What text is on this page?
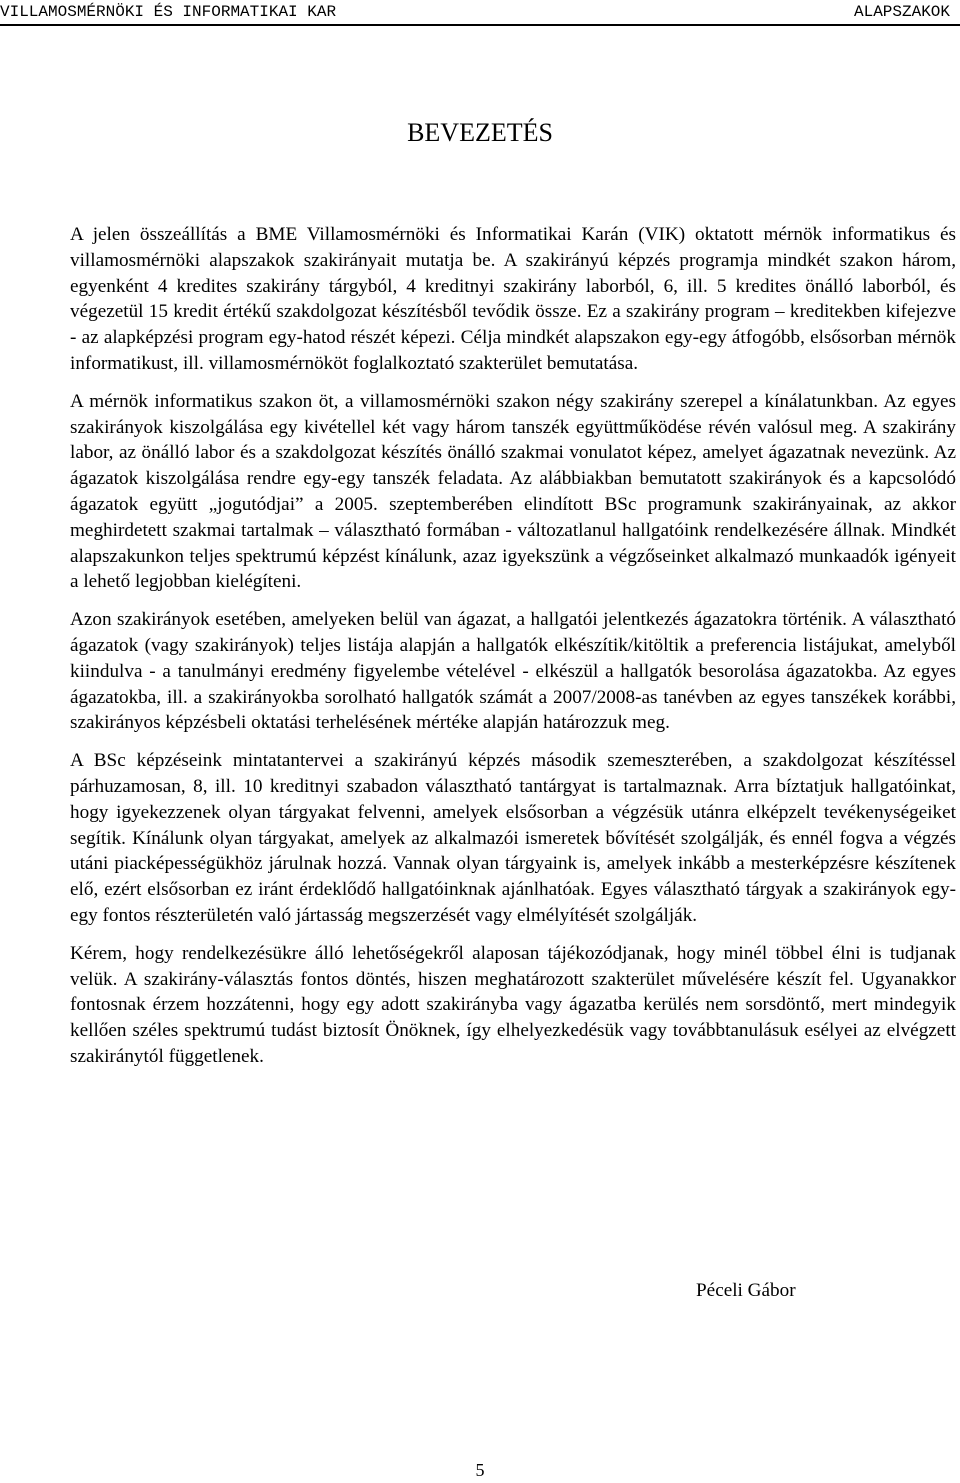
VILLAMOSMÉRNÖKI ÉS INFORMATIKAI KAR	ALAPSZAKOK
BEVEZETÉS

A jelen összeállítás a BME Villamosmérnöki és Informatikai Karán (VIK) oktatott mérnök informatikus és villamosmérnöki alapszakok szakirányait mutatja be. A szakirányú képzés programja mindkét szakon három, egyenként 4 kredites szakirány tárgyból, 4 kreditnyi szakirány laborból, 6, ill. 5 kredites önálló laborból, és végezetül 15 kredit értékű szakdolgozat készítésből tevődik össze. Ez a szakirány program – kreditekben kifejezve - az alapképzési program egy-hatod részét képezi. Célja mindkét alapszakon egy-egy átfogóbb, elsősorban mérnök informatikust, ill. villamosmérnököt foglalkoztató szakterület bemutatása.

A mérnök informatikus szakon öt, a villamosmérnöki szakon négy szakirány szerepel a kínálatunkban. Az egyes szakirányok kiszolgálása egy kivétellel két vagy három tanszék együttműködése révén valósul meg. A szakirány labor, az önálló labor és a szakdolgozat készítés önálló szakmai vonulatot képez, amelyet ágazatnak nevezünk. Az ágazatok kiszolgálása rendre egy-egy tanszék feladata. Az alábbiakban bemutatott szakirányok és a kapcsolódó ágazatok együtt „jogutódjai” a 2005. szeptemberében elindított BSc programunk szakirányainak, az akkor meghirdetett szakmai tartalmak – választható formában - változatlanul hallgatóink rendelkezésére állnak. Mindkét alapszakunkon teljes spektrumú képzést kínálunk, azaz igyekszünk a végzőseinket alkalmazó munkaadók igényeit a lehető legjobban kielégíteni.

Azon szakirányok esetében, amelyeken belül van ágazat, a hallgatói jelentkezés ágazatokra történik. A választható ágazatok (vagy szakirányok) teljes listája alapján a hallgatók elkészítik/kitöltik a preferencia listájukat, amelyből kiindulva - a tanulmányi eredmény figyelembe vételével - elkészül a hallgatók besorolása ágazatokba. Az egyes ágazatokba, ill. a szakirányokba sorolható hallgatók számát a 2007/2008-as tanévben az egyes tanszékek korábbi, szakirányos képzésbeli oktatási terhelésének mértéke alapján határozzuk meg.

A BSc képzéseink mintatantervei a szakirányú képzés második szemeszterében, a szakdolgozat készítéssel párhuzamosan, 8, ill. 10 kreditnyi szabadon választható tantárgyat is tartalmaznak. Arra bíztatjuk hallgatóinkat, hogy igyekezzenek olyan tárgyakat felvenni, amelyek elsősorban a végzésük utánra elképzelt tevékenységeiket segítik. Kínálunk olyan tárgyakat, amelyek az alkalmazói ismeretek bővítését szolgálják, és ennél fogva a végzés utáni piacképességükhöz járulnak hozzá. Vannak olyan tárgyaink is, amelyek inkább a mesterképzésre készítenek elő, ezért elsősorban ez iránt érdeklődő hallgatóinknak ajánlhatóak. Egyes választható tárgyak a szakirányok egy-egy fontos részterületén való jártasság megszerzését vagy elmélyítését szolgálják.

Kérem, hogy rendelkezésükre álló lehetőségekről alaposan tájékozódjanak, hogy minél többel élni is tudjanak velük. A szakirány-választás fontos döntés, hiszen meghatározott szakterület művelésére készít fel. Ugyanakkor fontosnak érzem hozzátenni, hogy egy adott szakirányba vagy ágazatba kerülés nem sorsdöntő, mert mindegyik kellően széles spektrumú tudást biztosít Önöknek, így elhelyezkedésük vagy továbbtanulásuk esélyei az elvégzett szakiránytól függetlenek.

Péceli Gábor
5
